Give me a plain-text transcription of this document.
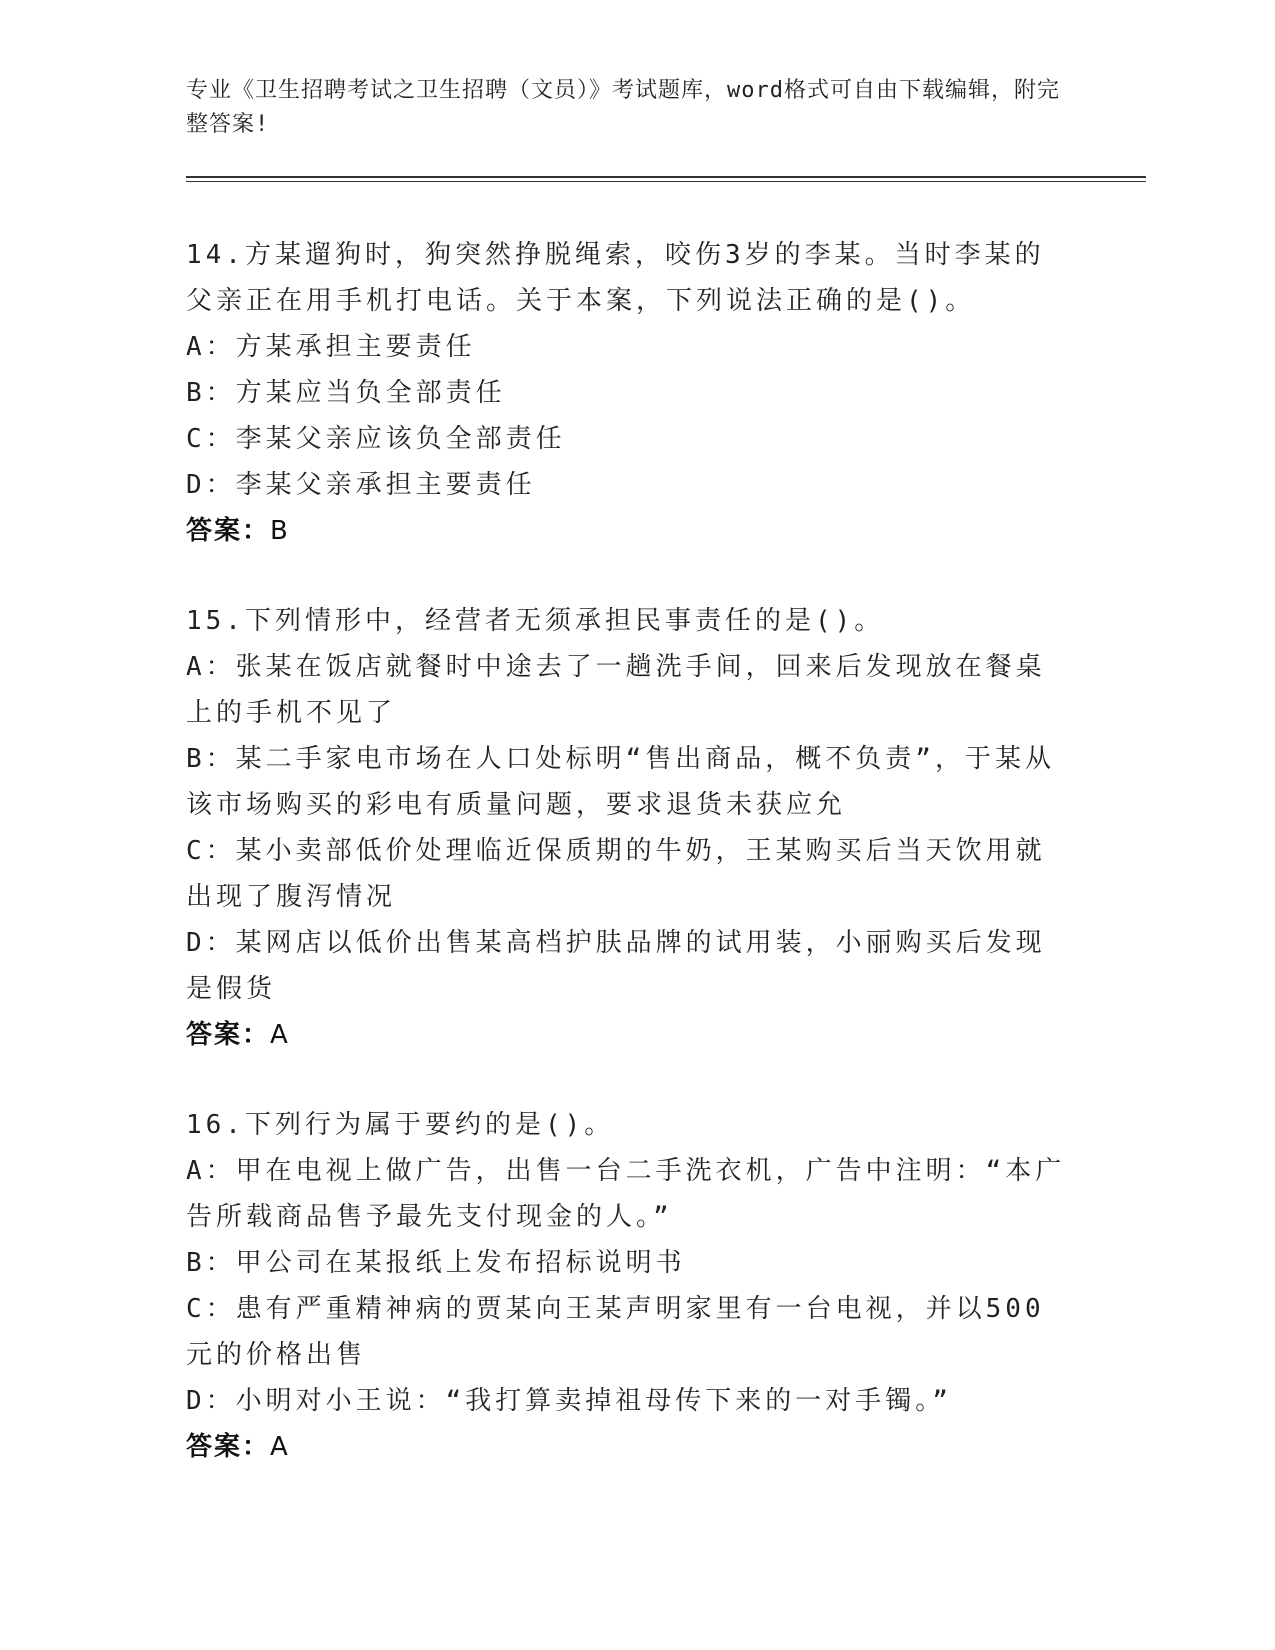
专业《卫生招聘考试之卫生招聘（文员）》考试题库，word格式可自由下载编辑，附完整答案!
14.方某遛狗时，狗突然挣脱绳索，咬伤3岁的李某。当时李某的父亲正在用手机打电话。关于本案，下列说法正确的是()。
A：方某承担主要责任
B：方某应当负全部责任
C：李某父亲应该负全部责任
D：李某父亲承担主要责任
答案：B
15.下列情形中，经营者无须承担民事责任的是()。
A：张某在饭店就餐时中途去了一趟洗手间，回来后发现放在餐桌上的手机不见了
B：某二手家电市场在人口处标明“售出商品，概不负责”，于某从该市场购买的彩电有质量问题，要求退货未获应允
C：某小卖部低价处理临近保质期的牛奶，王某购买后当天饮用就出现了腹泻情况
D：某网店以低价出售某高档护肤品牌的试用装，小丽购买后发现是假货
答案：A
16.下列行为属于要约的是()。
A：甲在电视上做广告，出售一台二手洗衣机，广告中注明：“本广告所载商品售予最先支付现金的人。”
B：甲公司在某报纸上发布招标说明书
C：患有严重精神病的贾某向王某声明家里有一台电视，并以500元的价格出售
D：小明对小王说：“我打算卖掉祖母传下来的一对手镯。”
答案：A
